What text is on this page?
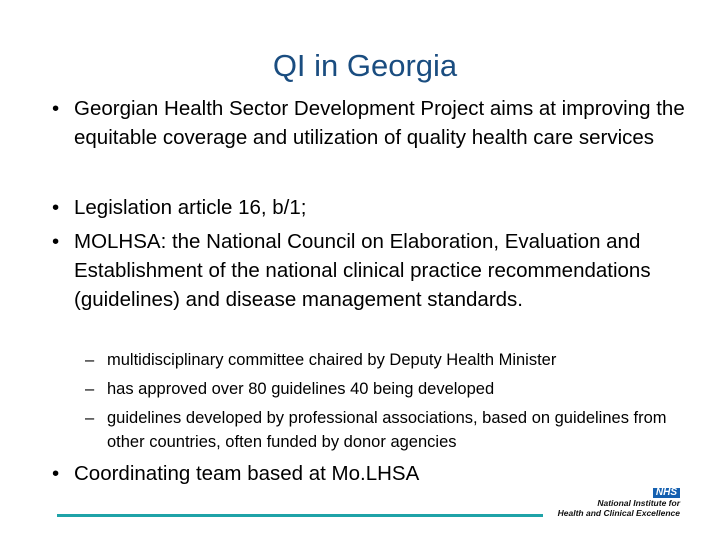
QI in Georgia
• Georgian Health Sector Development Project aims at improving the equitable coverage and utilization of quality health care services
• Legislation article 16, b/1;
• MOLHSA: the National Council on Elaboration, Evaluation and Establishment of the national clinical practice recommendations (guidelines) and disease management standards.
– multidisciplinary committee chaired by Deputy Health Minister
– has approved over 80 guidelines 40 being developed
– guidelines developed by professional associations, based on guidelines from other countries, often funded by donor agencies
• Coordinating team based at Mo.LHSA
NHS
National Institute for
Health and Clinical Excellence
